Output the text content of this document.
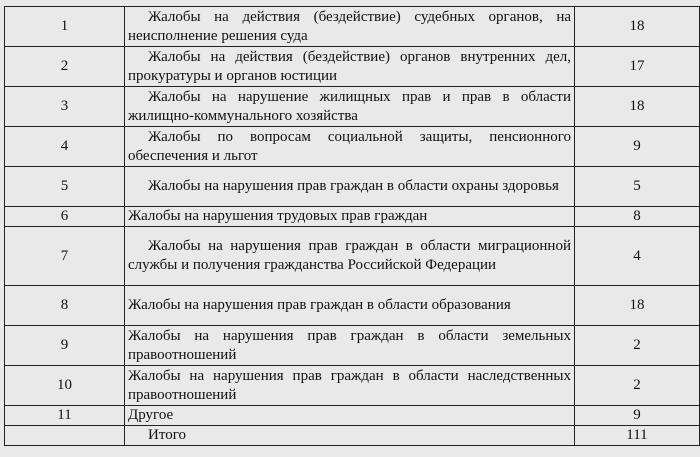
1	Жалобы на действия (бездействие) судебных органов, на неисполнение решения суда	18
2	Жалобы на действия (бездействие) органов внутренних дел, прокуратуры и органов юстиции	17
3	Жалобы на нарушение жилищных прав и прав в области жилищно-коммунального хозяйства	18
4	Жалобы по вопросам социальной защиты, пенсионного обеспечения и льгот	9
5	Жалобы на нарушения прав граждан в области охраны здоровья	5
6	Жалобы на нарушения трудовых прав граждан	8
7	Жалобы на нарушения прав граждан в области миграционной службы и получения гражданства Российской Федерации	4
8	Жалобы на нарушения прав граждан в области образования	18
9	Жалобы на нарушения прав граждан в области земельных правоотношений	2
10	Жалобы на нарушения прав граждан в области наследственных правоотношений	2
11	Другое	9
	Итого	111
